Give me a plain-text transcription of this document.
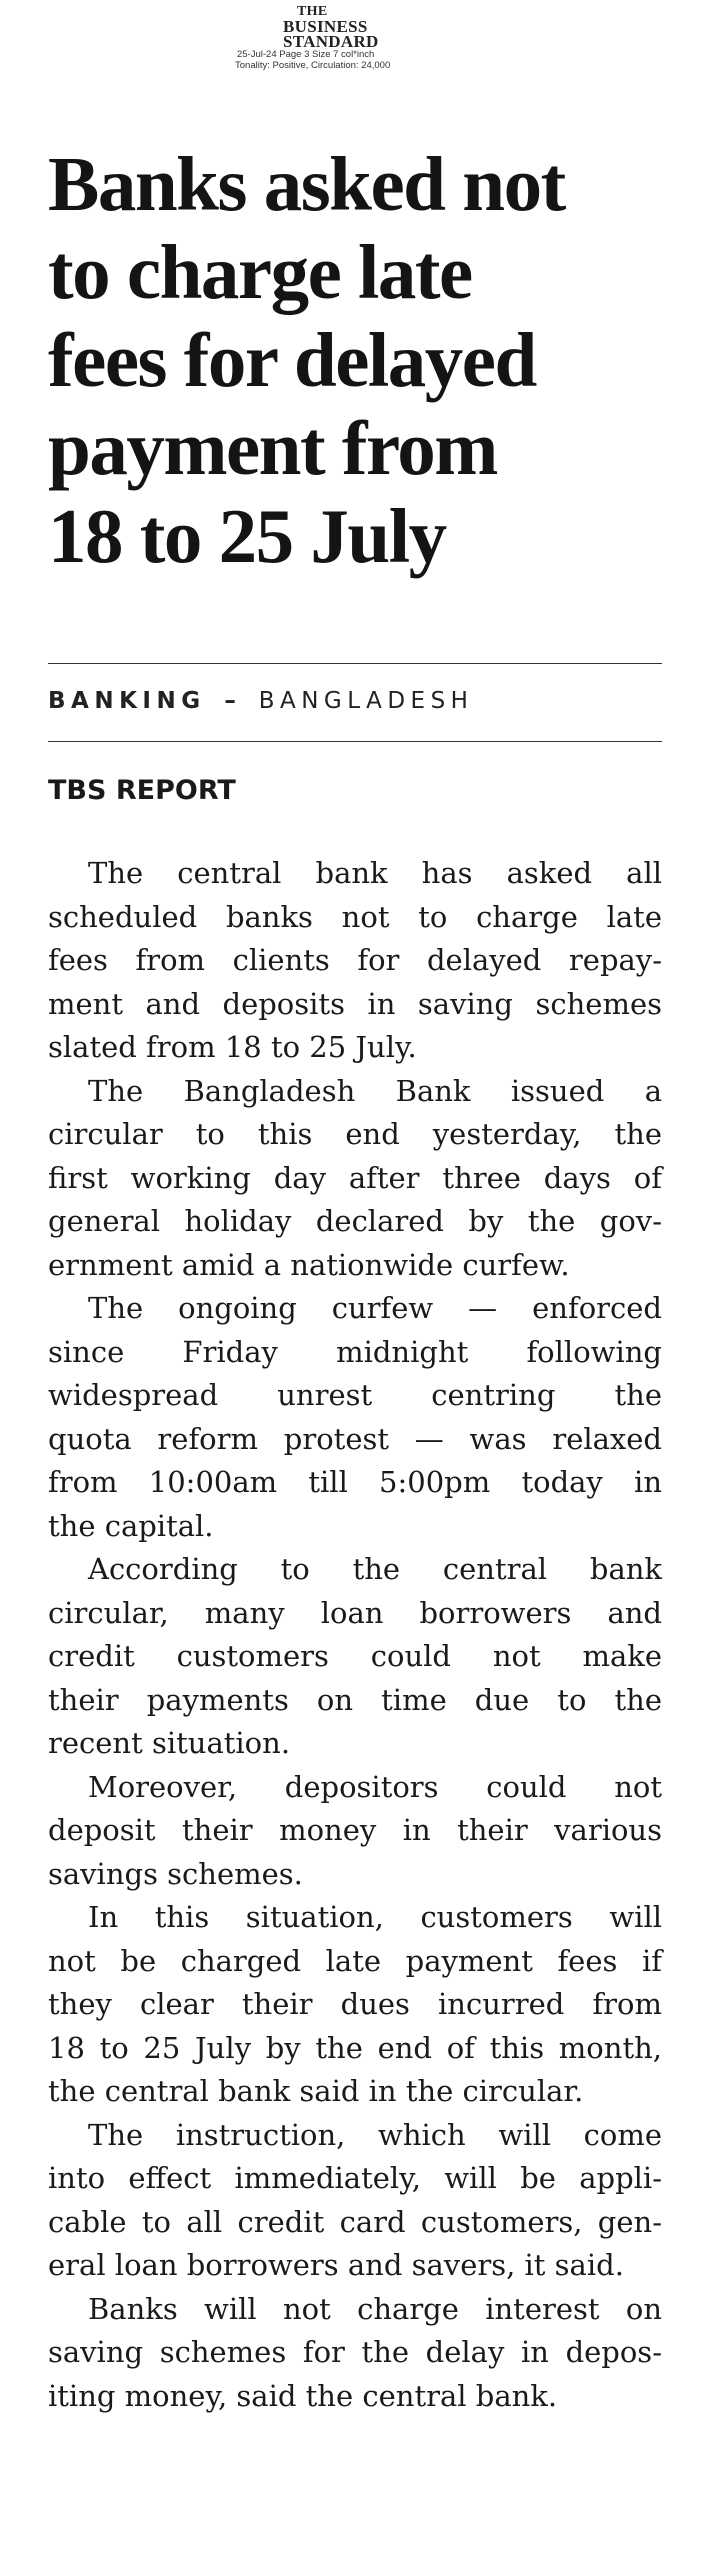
THE
BUSINESS
STANDARD
25-Jul-24 Page 3 Size 7 col*inch
Tonality: Positive, Circulation: 24,000
Banks asked not
to charge late
fees for delayed
payment from
18 to 25 July
BANKING – BANGLADESH
TBS REPORT
The central bank has asked all
scheduled banks not to charge late
fees from clients for delayed repay-
ment and deposits in saving schemes
slated from 18 to 25 July.
The Bangladesh Bank issued a
circular to this end yesterday, the
first working day after three days of
general holiday declared by the gov-
ernment amid a nationwide curfew.
The ongoing curfew — enforced
since Friday midnight following
widespread unrest centring the
quota reform protest — was relaxed
from 10:00am till 5:00pm today in
the capital.
According to the central bank
circular, many loan borrowers and
credit customers could not make
their payments on time due to the
recent situation.
Moreover, depositors could not
deposit their money in their various
savings schemes.
In this situation, customers will
not be charged late payment fees if
they clear their dues incurred from
18 to 25 July by the end of this month,
the central bank said in the circular.
The instruction, which will come
into effect immediately, will be appli-
cable to all credit card customers, gen-
eral loan borrowers and savers, it said.
Banks will not charge interest on
saving schemes for the delay in depos-
iting money, said the central bank.
